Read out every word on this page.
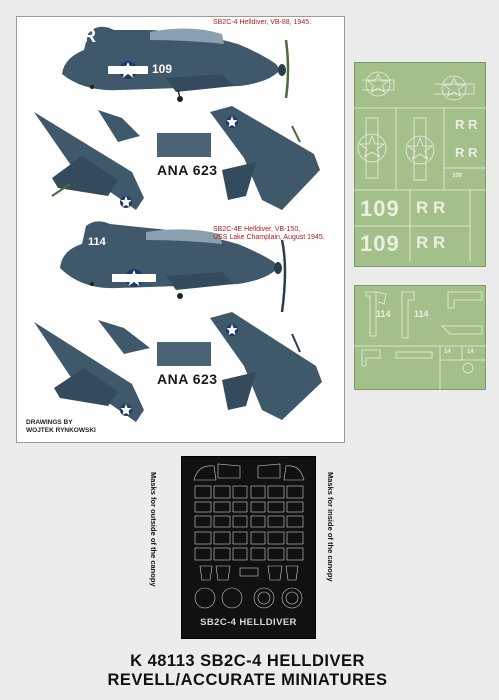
RR
109
109
SB2C-4 Helldiver, VB-88, 1945.
ANA 623
114
SB2C-4E Helldiver, VB-150,
USS Lake Champlain, August 1945.
ANA 623
DRAWINGS BY
WOJTEK RYNKOWSKI
R R
R R
109
109 R R
109 R R
SB2C-4
114	114
14	14
SB2C-4 HELLDIVER
Masks for outside of the canopy	Masks for inside of the canopy
K 48113 SB2C-4 HELLDIVER
REVELL/ACCURATE MINIATURES
